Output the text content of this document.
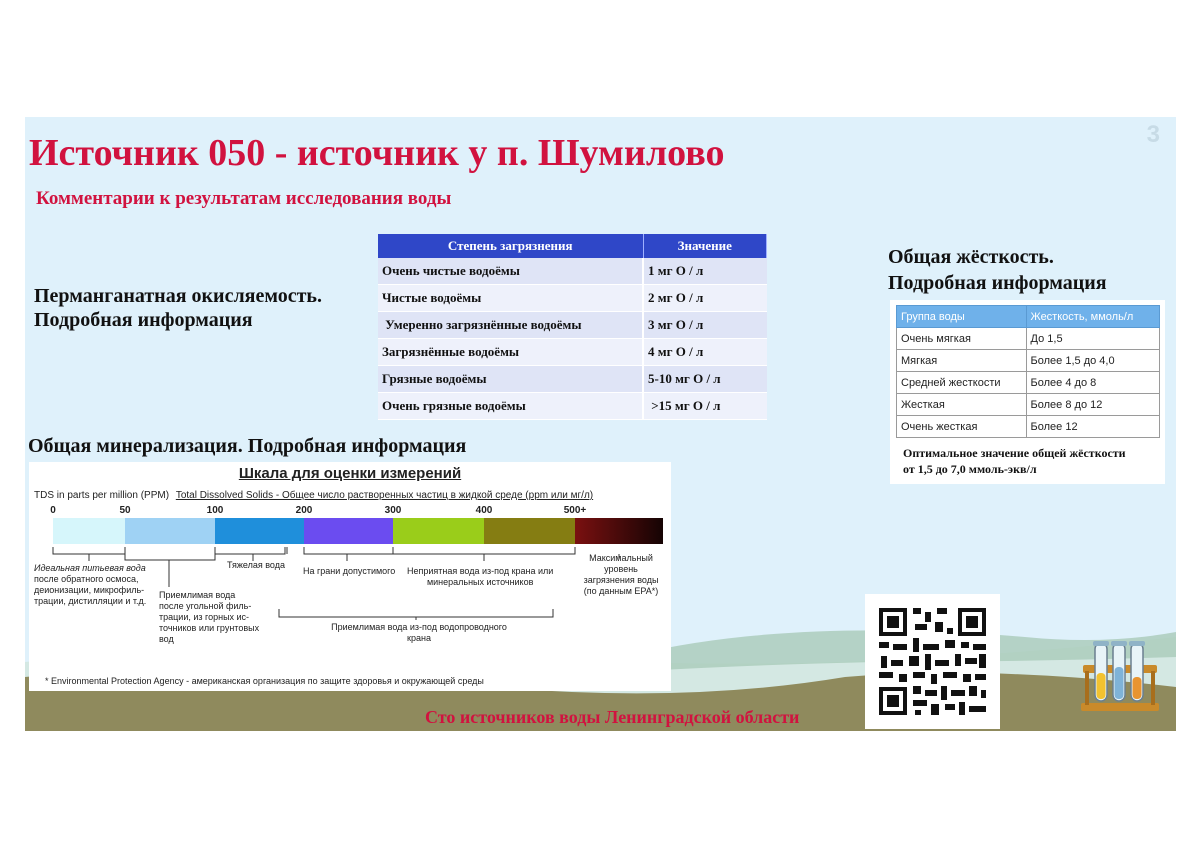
3
Источник 050 - источник у п. Шумилово
Комментарии к результатам исследования воды
Перманганатная окисляемость.
Подробная информация
Степень загрязнения	Значение
Очень чистые водоёмы	1 мг О / л
Чистые водоёмы	2 мг О / л
Умеренно загрязнённые водоёмы	3 мг О / л
Загрязнённые водоёмы	4 мг О / л
Грязные водоёмы	5-10 мг О / л
Очень грязные водоёмы	>15 мг О / л
Общая жёсткость.
Подробная информация
Группа воды	Жесткость, ммоль/л
Очень мягкая	До 1,5
Мягкая	Более 1,5 до 4,0
Средней жесткости	Более 4 до 8
Жесткая	Более 8 до 12
Очень жесткая	Более 12
Оптимальное значение общей жёсткости
от 1,5 до 7,0 ммоль-экв/л
Общая минерализация. Подробная информация
Шкала для оценки измерений
TDS in parts per million (PPM) Total Dissolved Solids - Общее число растворенных частиц в жидкой среде (ppm или мг/л)
0	50	100	200	300	400	500+
Идеальная питьевая вода
после обратного осмоса,
деионизации, микрофиль-
трации, дистилляции и т.д.
Приемлимая вода
после угольной филь-
трации, из горных ис-
точников или грунтовых
вод
Тяжелая вода
На грани допустимого Неприятная вода из-под крана или
минеральных источников
Максимальный
уровень
загрязнения воды
(по данным EPA*)
Приемлимая вода из-под водопроводного
крана
* Environmental Protection Agency - американская организация по защите здоровья и окружающей среды
Сто источников воды Ленинградской области
